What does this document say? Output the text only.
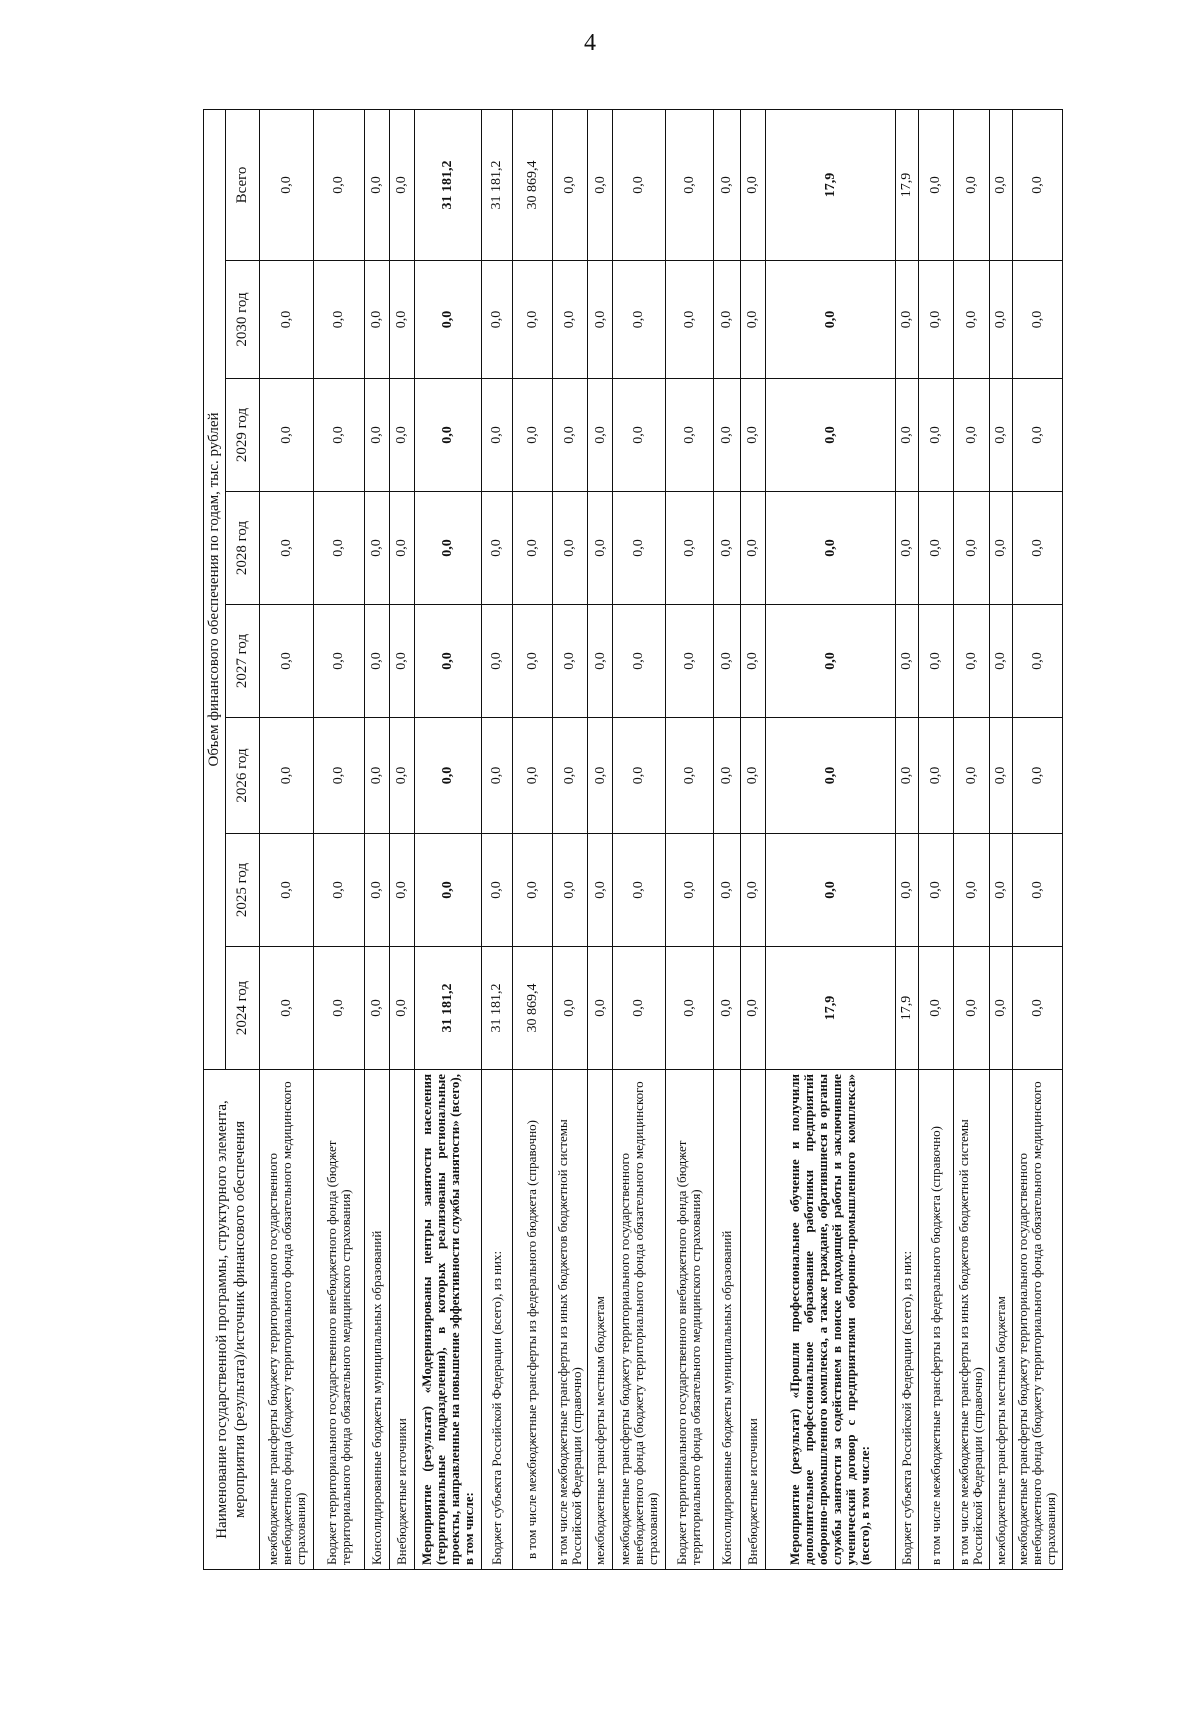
4
Наименование государственной программы, структурного элемента, мероприятия (результата)/источник финансового обеспечения	Объем финансового обеспечения по годам, тыс. рублей							
	2024 год	2025 год	2026 год	2027 год	2028 год	2029 год	2030 год	Всего
межбюджетные трансферты бюджету территориального государственного внебюджетного фонда (бюджету территориального фонда обязательного медицинского страхования)	0,0	0,0	0,0	0,0	0,0	0,0	0,0	0,0
Бюджет территориального государственного внебюджетного фонда (бюджет территориального фонда обязательного медицинского страхования)	0,0	0,0	0,0	0,0	0,0	0,0	0,0	0,0
Консолидированные бюджеты муниципальных образований	0,0	0,0	0,0	0,0	0,0	0,0	0,0	0,0
Внебюджетные источники	0,0	0,0	0,0	0,0	0,0	0,0	0,0	0,0
Мероприятие (результат) «Модернизированы центры занятости населения (территориальные подразделения), в которых реализованы региональные проекты, направленные на повышение эффективности службы занятости» (всего), в том числе:	31 181,2	0,0	0,0	0,0	0,0	0,0	0,0	31 181,2
Бюджет субъекта Российской Федерации (всего), из них:	31 181,2	0,0	0,0	0,0	0,0	0,0	0,0	31 181,2
в том числе межбюджетные трансферты из федерального бюджета (справочно)	30 869,4	0,0	0,0	0,0	0,0	0,0	0,0	30 869,4
в том числе межбюджетные трансферты из иных бюджетов бюджетной системы Российской Федерации (справочно)	0,0	0,0	0,0	0,0	0,0	0,0	0,0	0,0
межбюджетные трансферты местным бюджетам	0,0	0,0	0,0	0,0	0,0	0,0	0,0	0,0
межбюджетные трансферты бюджету территориального государственного внебюджетного фонда (бюджету территориального фонда обязательного медицинского страхования)	0,0	0,0	0,0	0,0	0,0	0,0	0,0	0,0
Бюджет территориального государственного внебюджетного фонда (бюджет территориального фонда обязательного медицинского страхования)	0,0	0,0	0,0	0,0	0,0	0,0	0,0	0,0
Консолидированные бюджеты муниципальных образований	0,0	0,0	0,0	0,0	0,0	0,0	0,0	0,0
Внебюджетные источники	0,0	0,0	0,0	0,0	0,0	0,0	0,0	0,0
Мероприятие (результат) «Прошли профессиональное обучение и получили дополнительное профессиональное образование работники предприятий оборонно-промышленного комплекса, а также граждане, обратившиеся в органы службы занятости за содействием в поиске подходящей работы и заключившие ученический договор с предприятиями оборонно-промышленного комплекса» (всего), в том числе:	17,9	0,0	0,0	0,0	0,0	0,0	0,0	17,9
Бюджет субъекта Российской Федерации (всего), из них:	17,9	0,0	0,0	0,0	0,0	0,0	0,0	17,9
в том числе межбюджетные трансферты из федерального бюджета (справочно)	0,0	0,0	0,0	0,0	0,0	0,0	0,0	0,0
в том числе межбюджетные трансферты из иных бюджетов бюджетной системы Российской Федерации (справочно)	0,0	0,0	0,0	0,0	0,0	0,0	0,0	0,0
межбюджетные трансферты местным бюджетам	0,0	0,0	0,0	0,0	0,0	0,0	0,0	0,0
межбюджетные трансферты бюджету территориального государственного внебюджетного фонда (бюджету территориального фонда обязательного медицинского страхования)	0,0	0,0	0,0	0,0	0,0	0,0	0,0	0,0
